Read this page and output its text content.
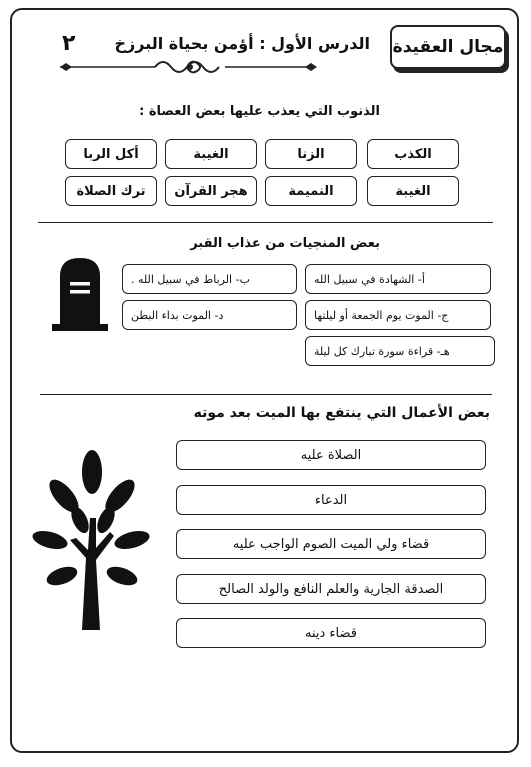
مجال العقيدة
الدرس الأول : أؤمن بحياة البرزخ
٢
الذنوب التي يعذب عليها بعض العصاة :
الكذب
الزنا
الغيبة
أكل الربا
الغيبة
النميمة
هجر القرآن
ترك الصلاة
بعض المنجيات من عذاب القبر
أ- الشهادة في سبيل الله
ب- الرباط في سبيل الله .
ج- الموت يوم الجمعة أو ليلتها
د- الموت بداء البطن
هـ- قراءة سورة تبارك كل ليلة
بعض الأعمال التي ينتفع بها الميت بعد موته
الصلاة عليه
الدعاء
قضاء ولي الميت الصوم الواجب عليه
الصدقة الجارية والعلم النافع والولد الصالح
قضاء دينه
